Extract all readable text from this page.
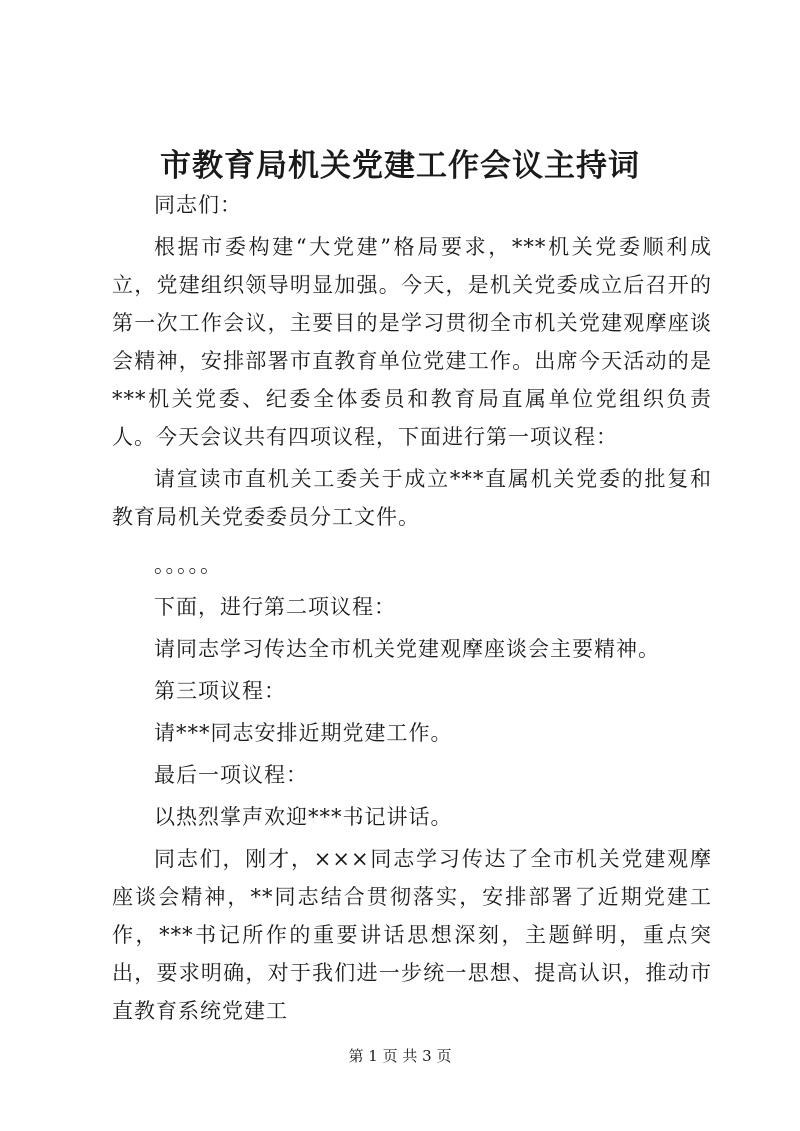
市教育局机关党建工作会议主持词

同志们：

根据市委构建“大党建”格局要求，***机关党委顺利成立，党建组织领导明显加强。今天，是机关党委成立后召开的第一次工作会议，主要目的是学习贯彻全市机关党建观摩座谈会精神，安排部署市直教育单位党建工作。出席今天活动的是***机关党委、纪委全体委员和教育局直属单位党组织负责人。今天会议共有四项议程，下面进行第一项议程：

请宣读市直机关工委关于成立***直属机关党委的批复和教育局机关党委委员分工文件。

。。。。。

下面，进行第二项议程：

请同志学习传达全市机关党建观摩座谈会主要精神。

第三项议程：

请***同志安排近期党建工作。

最后一项议程：

以热烈掌声欢迎***书记讲话。

同志们，刚才，×××同志学习传达了全市机关党建观摩座谈会精神，**同志结合贯彻落实，安排部署了近期党建工作，***书记所作的重要讲话思想深刻，主题鲜明，重点突出，要求明确，对于我们进一步统一思想、提高认识，推动市直教育系统党建工

第 1 页 共 3 页
